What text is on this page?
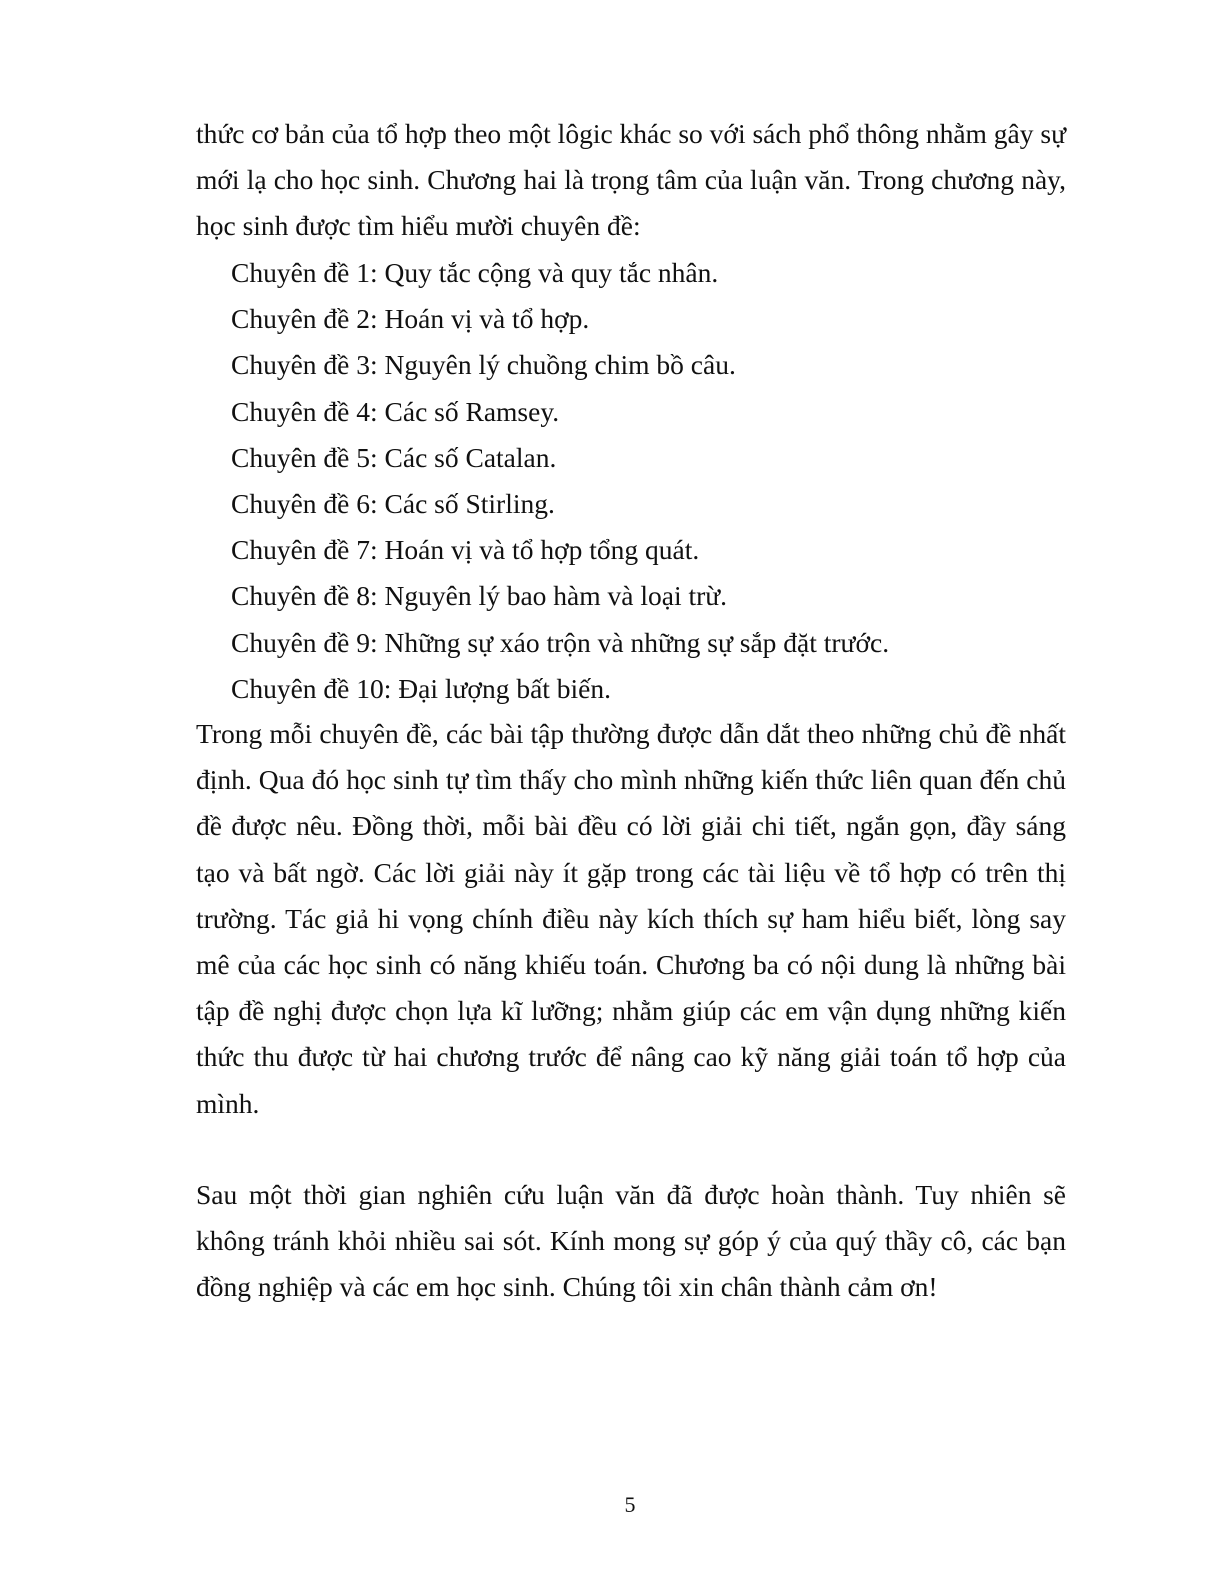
thức cơ bản của tổ hợp theo một lôgic khác so với sách phổ thông nhằm gây sự mới lạ cho học sinh. Chương hai là trọng tâm của luận văn. Trong chương này, học sinh được tìm hiểu mười chuyên đề:

Chuyên đề 1: Quy tắc cộng và quy tắc nhân.
Chuyên đề 2: Hoán vị và tổ hợp.
Chuyên đề 3: Nguyên lý chuồng chim bồ câu.
Chuyên đề 4: Các số Ramsey.
Chuyên đề 5: Các số Catalan.
Chuyên đề 6: Các số Stirling.
Chuyên đề 7: Hoán vị và tổ hợp tổng quát.
Chuyên đề 8: Nguyên lý bao hàm và loại trừ.
Chuyên đề 9: Những sự xáo trộn và những sự sắp đặt trước.
Chuyên đề 10: Đại lượng bất biến.

Trong mỗi chuyên đề, các bài tập thường được dẫn dắt theo những chủ đề nhất định. Qua đó học sinh tự tìm thấy cho mình những kiến thức liên quan đến chủ đề được nêu. Đồng thời, mỗi bài đều có lời giải chi tiết, ngắn gọn, đầy sáng tạo và bất ngờ. Các lời giải này ít gặp trong các tài liệu về tổ hợp có trên thị trường. Tác giả hi vọng chính điều này kích thích sự ham hiểu biết, lòng say mê của các học sinh có năng khiếu toán. Chương ba có nội dung là những bài tập đề nghị được chọn lựa kĩ lưỡng; nhằm giúp các em vận dụng những kiến thức thu được từ hai chương trước để nâng cao kỹ năng giải toán tổ hợp của mình.

Sau một thời gian nghiên cứu luận văn đã được hoàn thành. Tuy nhiên sẽ không tránh khỏi nhiều sai sót. Kính mong sự góp ý của quý thầy cô, các bạn đồng nghiệp và các em học sinh. Chúng tôi xin chân thành cảm ơn!

5
